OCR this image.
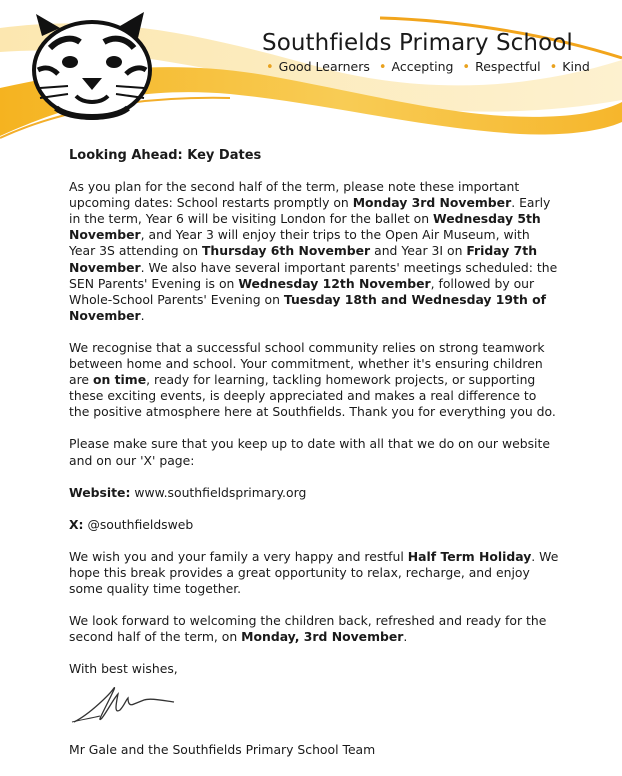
Southfields Primary School
• Good Learners • Accepting • Respectful • Kind
Looking Ahead: Key Dates

As you plan for the second half of the term, please note these important upcoming dates: School restarts promptly on Monday 3rd November. Early in the term, Year 6 will be visiting London for the ballet on Wednesday 5th November, and Year 3 will enjoy their trips to the Open Air Museum, with Year 3S attending on Thursday 6th November and Year 3I on Friday 7th November. We also have several important parents' meetings scheduled: the SEN Parents' Evening is on Wednesday 12th November, followed by our Whole-School Parents' Evening on Tuesday 18th and Wednesday 19th of November.

We recognise that a successful school community relies on strong teamwork between home and school. Your commitment, whether it's ensuring children are on time, ready for learning, tackling homework projects, or supporting these exciting events, is deeply appreciated and makes a real difference to the positive atmosphere here at Southfields. Thank you for everything you do.

Please make sure that you keep up to date with all that we do on our website and on our 'X' page:

Website: www.southfieldsprimary.org

X: @southfieldsweb

We wish you and your family a very happy and restful Half Term Holiday. We hope this break provides a great opportunity to relax, recharge, and enjoy some quality time together.

We look forward to welcoming the children back, refreshed and ready for the second half of the term, on Monday, 3rd November.

With best wishes,

Mr Gale and the Southfields Primary School Team
